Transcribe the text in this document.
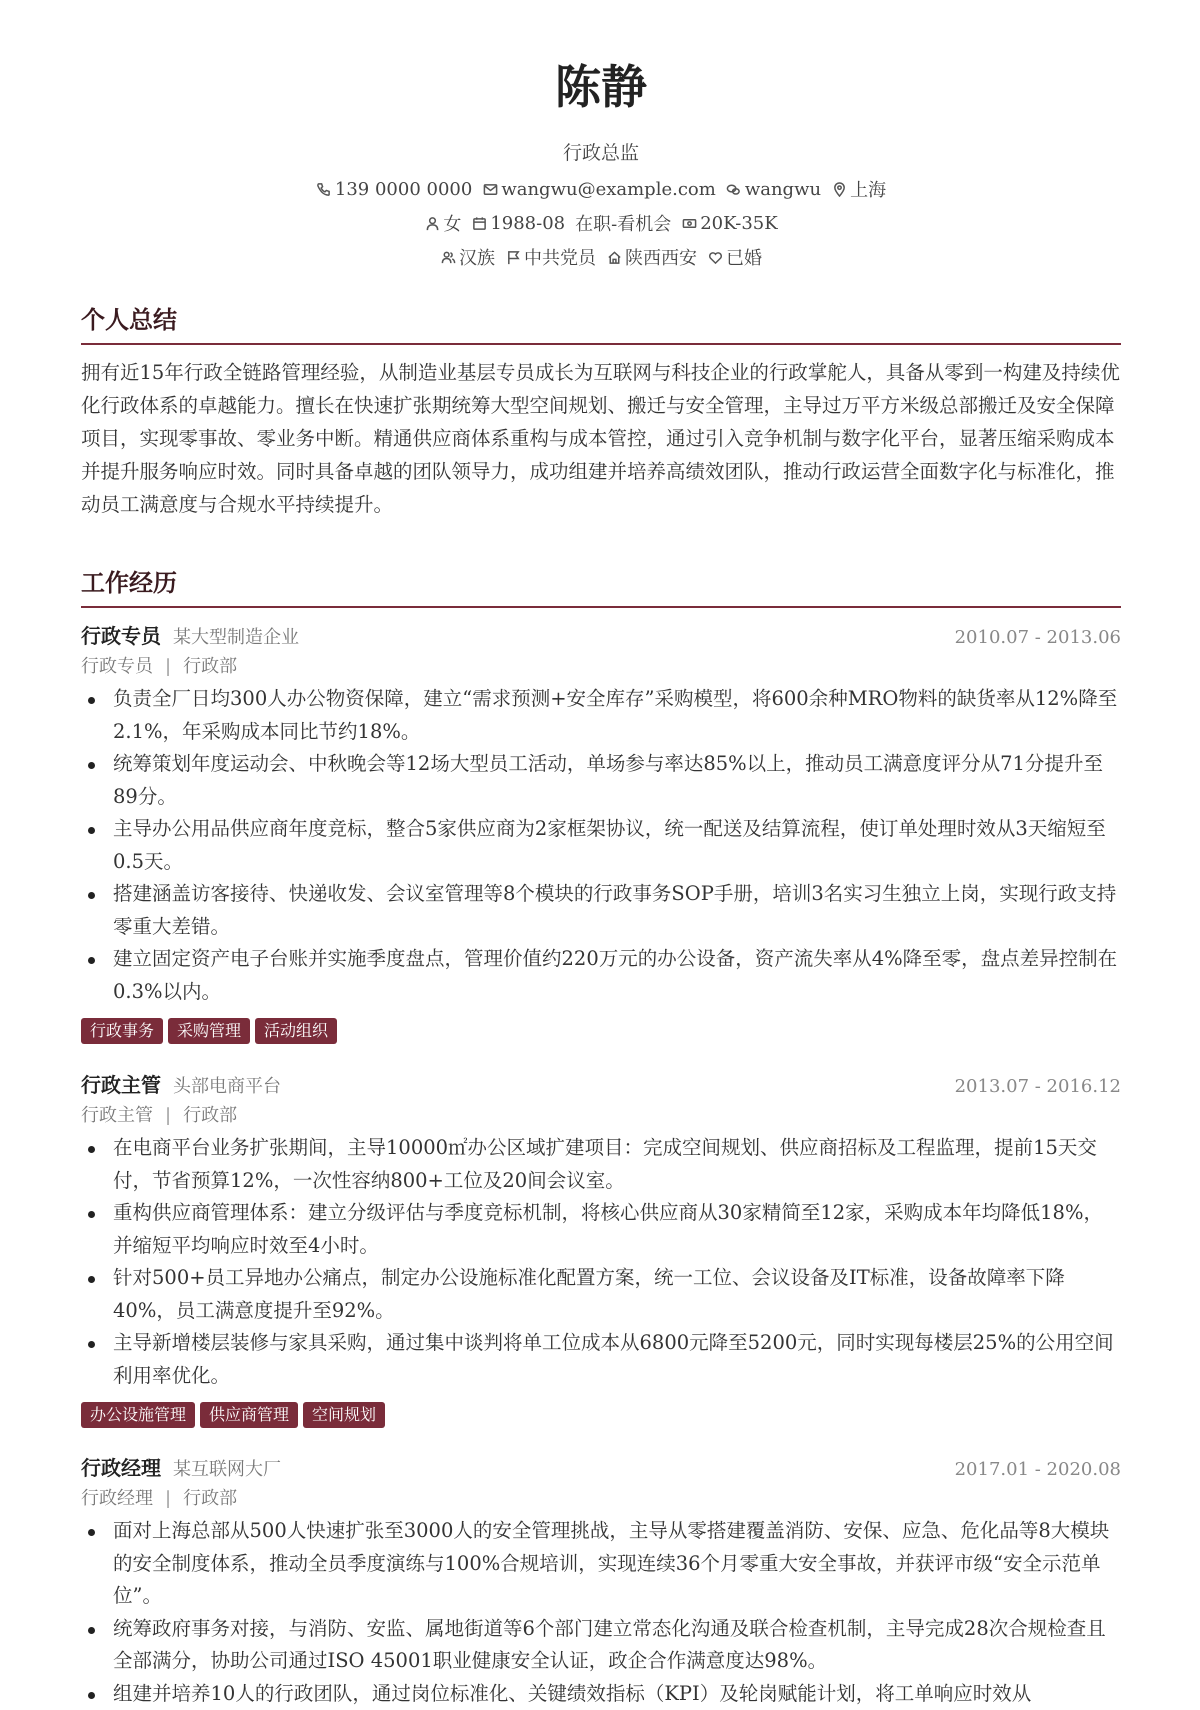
陈静
行政总监
139 0000 0000 wangwu@example.com wangwu 上海
女 1988-08 在职-看机会 20K-35K
汉族 中共党员 陕西西安 已婚
个人总结

拥有近15年行政全链路管理经验，从制造业基层专员成长为互联网与科技企业的行政掌舵人，具备从零到一构建及持续优化行政体系的卓越能力。擅长在快速扩张期统筹大型空间规划、搬迁与安全管理，主导过万平方米级总部搬迁及安全保障项目，实现零事故、零业务中断。精通供应商体系重构与成本管控，通过引入竞争机制与数字化平台，显著压缩采购成本并提升服务响应时效。同时具备卓越的团队领导力，成功组建并培养高绩效团队，推动行政运营全面数字化与标准化，推动员工满意度与合规水平持续提升。

工作经历
行政专员 某大型制造企业	2010.07 - 2013.06
行政专员 | 行政部
负责全厂日均300人办公物资保障，建立“需求预测+安全库存”采购模型，将600余种MRO物料的缺货率从12%降至2.1%，年采购成本同比节约18%。
统筹策划年度运动会、中秋晚会等12场大型员工活动，单场参与率达85%以上，推动员工满意度评分从71分提升至89分。
主导办公用品供应商年度竞标，整合5家供应商为2家框架协议，统一配送及结算流程，使订单处理时效从3天缩短至0.5天。
搭建涵盖访客接待、快递收发、会议室管理等8个模块的行政事务SOP手册，培训3名实习生独立上岗，实现行政支持零重大差错。
建立固定资产电子台账并实施季度盘点，管理价值约220万元的办公设备，资产流失率从4%降至零，盘点差异控制在0.3%以内。
行政事务	采购管理	活动组织
行政主管 头部电商平台	2013.07 - 2016.12
行政主管 | 行政部
在电商平台业务扩张期间，主导10000㎡办公区域扩建项目：完成空间规划、供应商招标及工程监理，提前15天交付，节省预算12%，一次性容纳800+工位及20间会议室。
重构供应商管理体系：建立分级评估与季度竞标机制，将核心供应商从30家精简至12家，采购成本年均降低18%，并缩短平均响应时效至4小时。
针对500+员工异地办公痛点，制定办公设施标准化配置方案，统一工位、会议设备及IT标准，设备故障率下降40%，员工满意度提升至92%。
主导新增楼层装修与家具采购，通过集中谈判将单工位成本从6800元降至5200元，同时实现每楼层25%的公用空间利用率优化。
办公设施管理	供应商管理	空间规划
行政经理 某互联网大厂	2017.01 - 2020.08
行政经理 | 行政部
面对上海总部从500人快速扩张至3000人的安全管理挑战，主导从零搭建覆盖消防、安保、应急、危化品等8大模块的安全制度体系，推动全员季度演练与100%合规培训，实现连续36个月零重大安全事故，并获评市级“安全示范单位”。
统筹政府事务对接，与消防、安监、属地街道等6个部门建立常态化沟通及联合检查机制，主导完成28次合规检查且全部满分，协助公司通过ISO 45001职业健康安全认证，政企合作满意度达98%。
组建并培养10人的行政团队，通过岗位标准化、关键绩效指标（KPI）及轮岗赋能计划，将工单响应时效从
